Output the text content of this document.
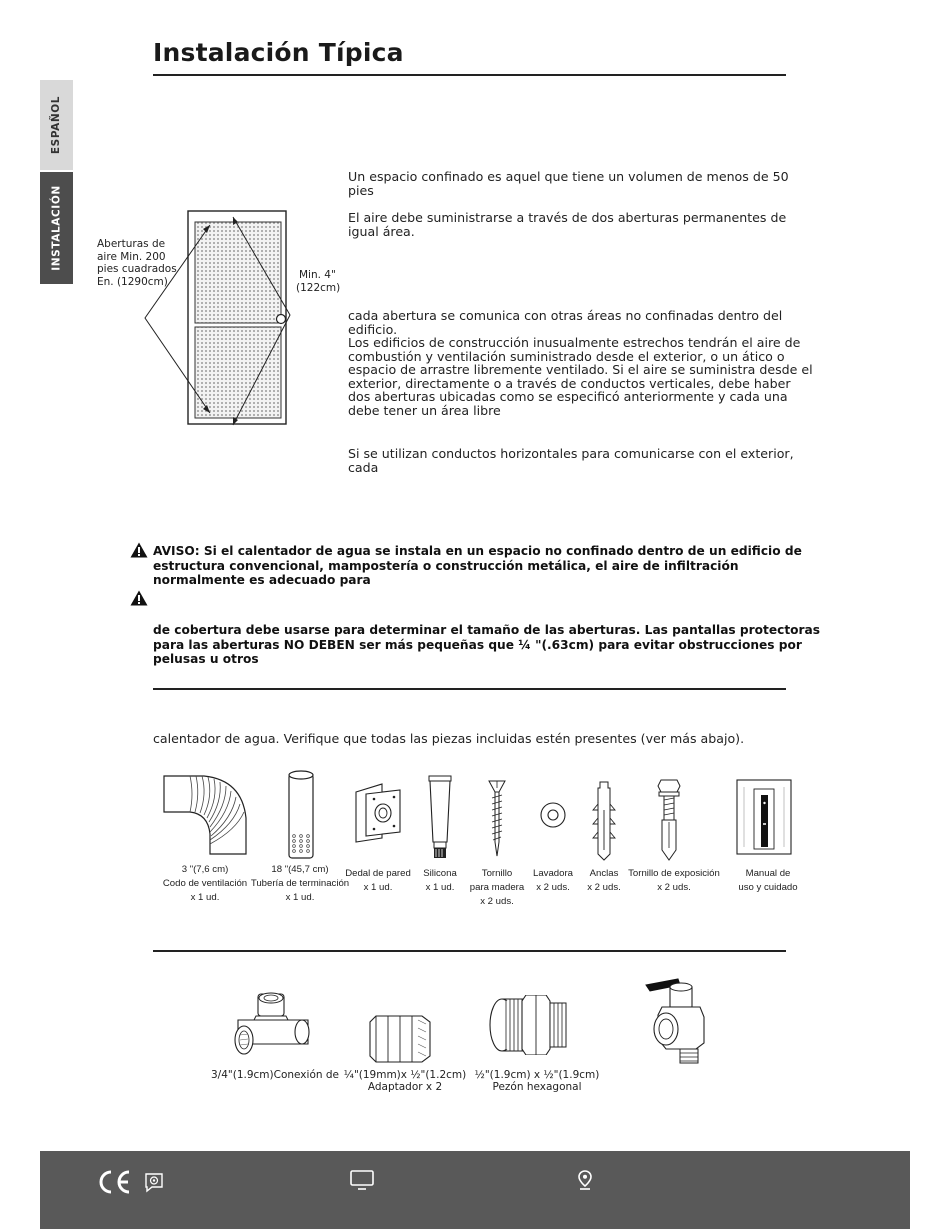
Instalación Típica
ESPAÑOL
INSTALACIÓN	Aberturas de
aire Min. 200
pies cuadrados
En. (1290cm)
Min. 4"
(122cm)
Un espacio confinado es aquel que tiene un volumen de menos de 50 pies
El aire debe suministrarse a través de dos aberturas permanentes de igual área.
cada abertura se comunica con otras áreas no confinadas dentro del edificio.
Los edificios de construcción inusualmente estrechos tendrán el aire de combustión y ventilación suministrado desde el exterior, o un ático o espacio de arrastre libremente ventilado. Si el aire se suministra desde el exterior, directamente o a través de conductos verticales, debe haber dos aberturas ubicadas como se especificó anteriormente y cada una debe tener un área libre
Si se utilizan conductos horizontales para comunicarse con el exterior, cada
AVISO: Si el calentador de agua se instala en un espacio no confinado dentro de un edificio de estructura convencional, mampostería o construcción metálica, el aire de infiltración normalmente es adecuado para
de cobertura debe usarse para determinar el tamaño de las aberturas. Las pantallas protectoras para las aberturas NO DEBEN ser más pequeñas que ¼ "(.63cm) para evitar obstrucciones por pelusas u otros
calentador de agua. Verifique que todas las piezas incluidas estén presentes (ver más abajo).
3 "(7,6 cm)
Codo de ventilación
x 1 ud.
18 "(45,7 cm)
Tubería de terminación
x 1 ud.
Dedal de pared
x 1 ud.
Silicona
x 1 ud.
Tornillo
para madera
x 2 uds.
Lavadora
x 2 uds.
Anclas
x 2 uds.
Tornillo de exposición
x 2 uds.
Manual de
uso y cuidado
3/4"(1.9cm)Conexión de ¼"(19mm)x ½"(1.2cm)
Adaptador x 2
½"(1.9cm) x ½"(1.9cm)
Pezón hexagonal
